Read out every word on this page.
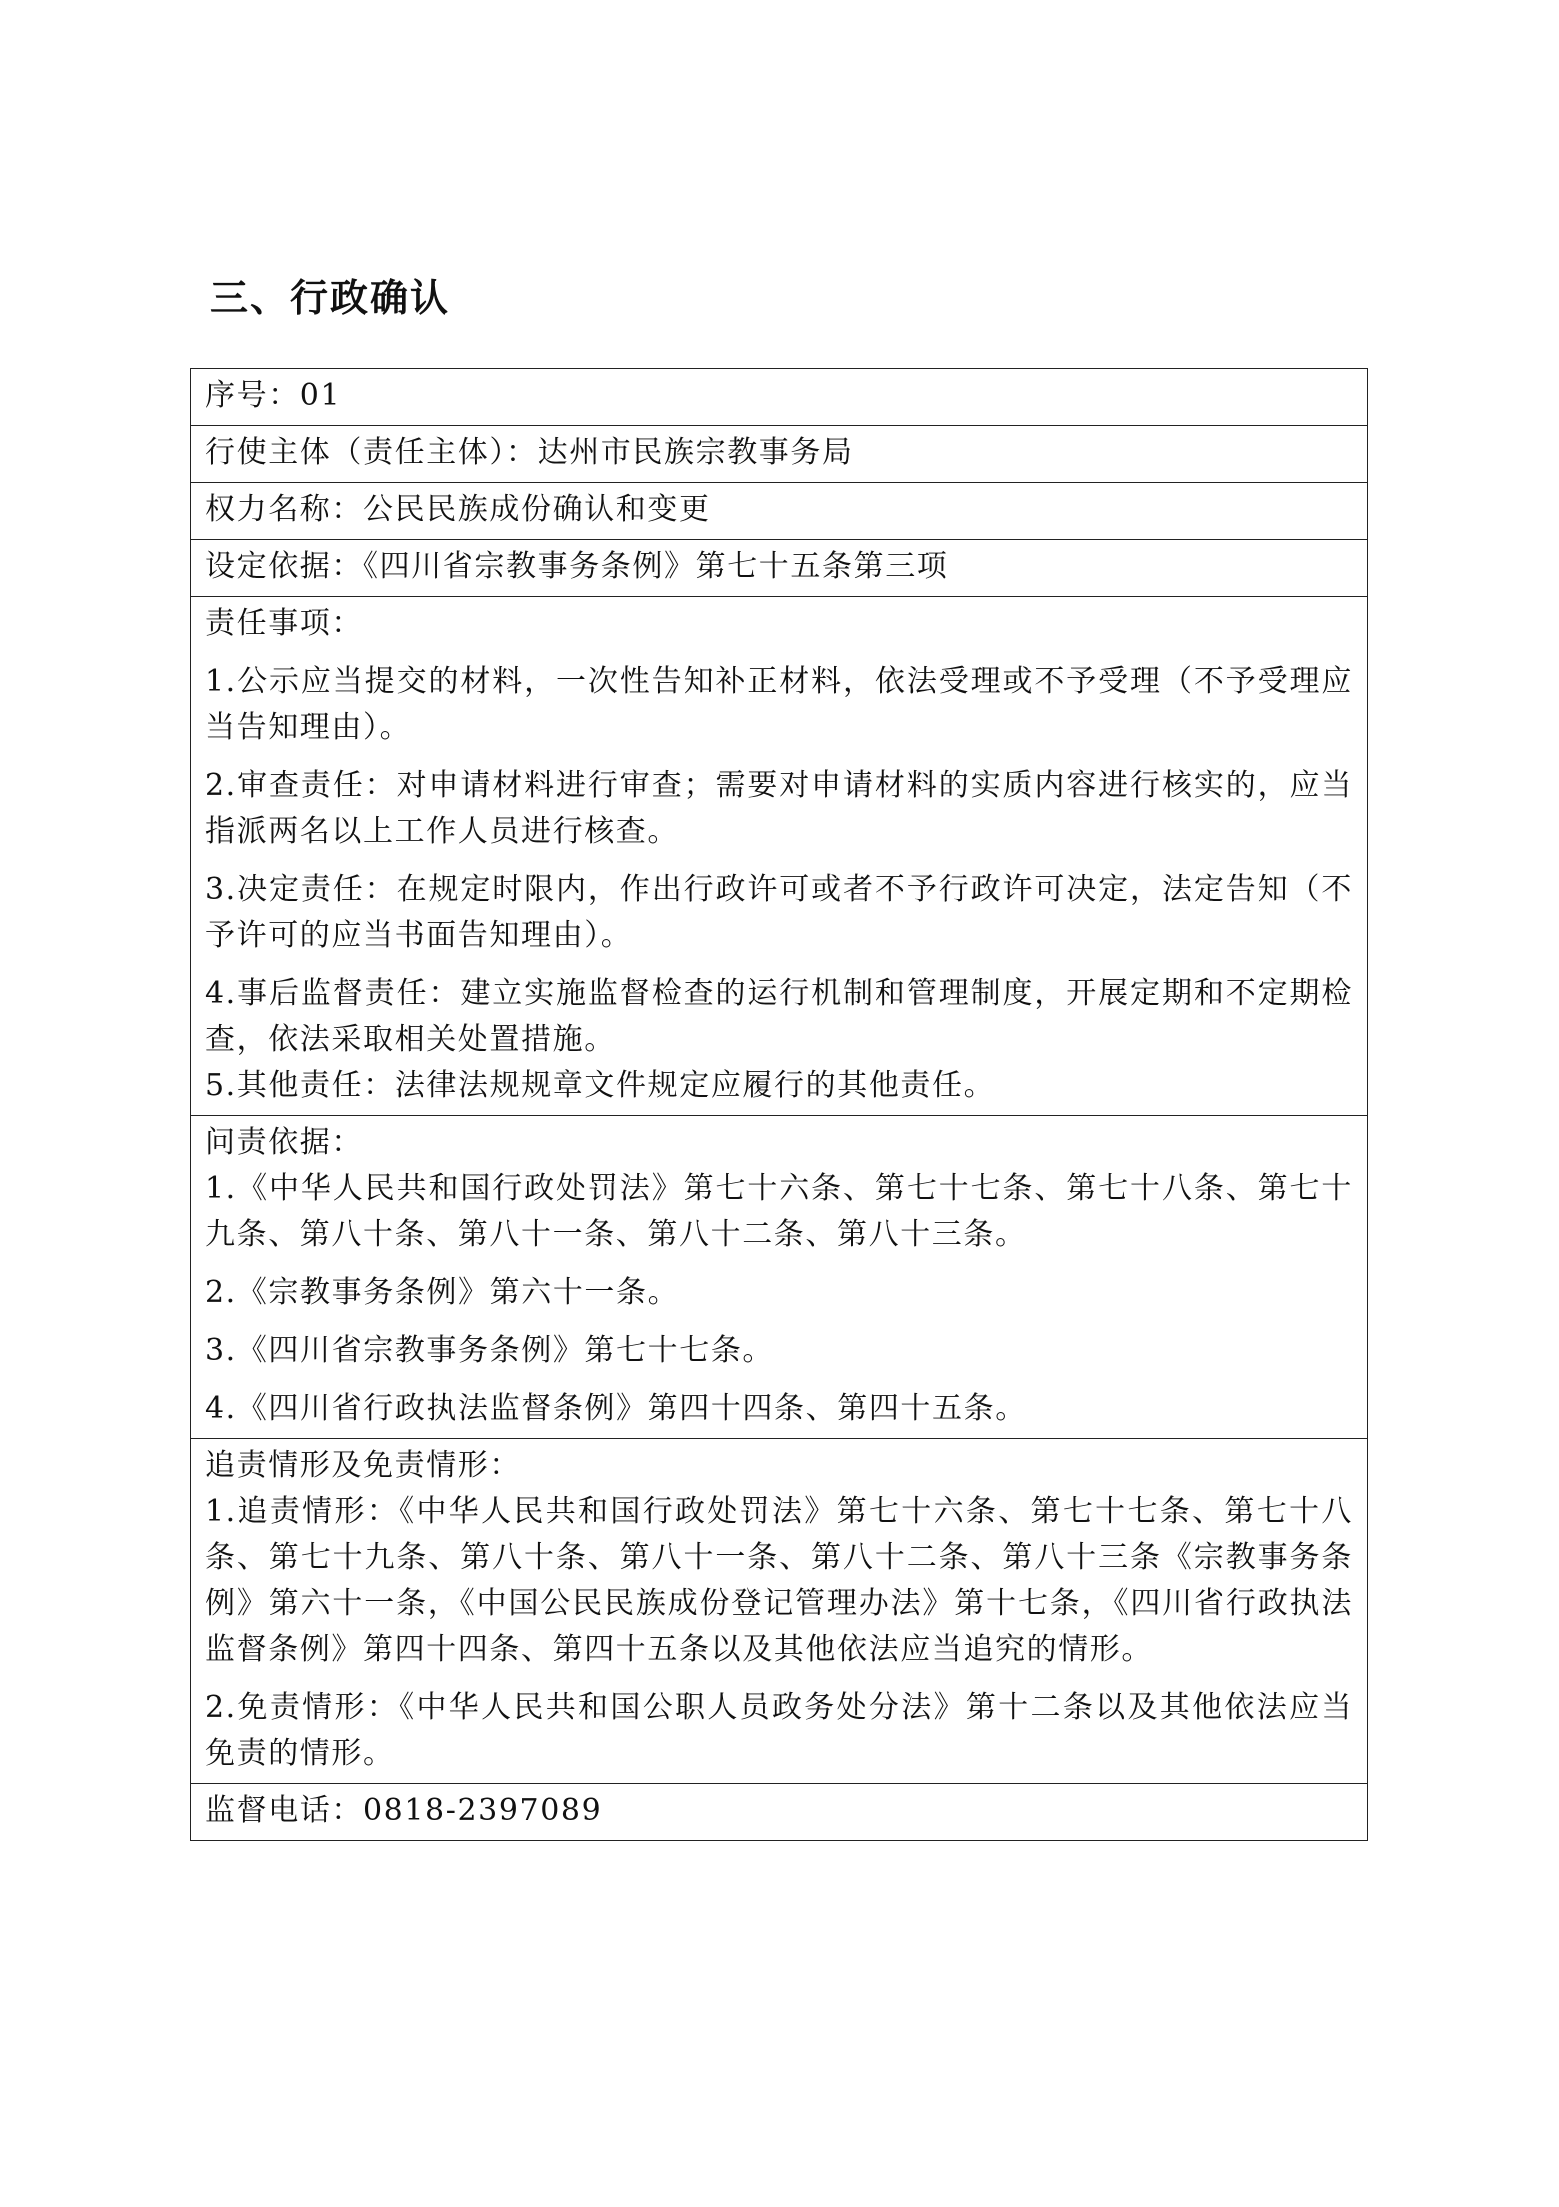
三、行政确认
序号：01
行使主体（责任主体）：达州市民族宗教事务局
权力名称：公民民族成份确认和变更
设定依据：《四川省宗教事务条例》第七十五条第三项

责任事项：
1.公示应当提交的材料，一次性告知补正材料，依法受理或不予受理（不予受理应当告知理由）。
2.审查责任：对申请材料进行审查；需要对申请材料的实质内容进行核实的，应当指派两名以上工作人员进行核查。
3.决定责任：在规定时限内，作出行政许可或者不予行政许可决定，法定告知（不予许可的应当书面告知理由）。
4.事后监督责任：建立实施监督检查的运行机制和管理制度，开展定期和不定期检查，依法采取相关处置措施。
5.其他责任：法律法规规章文件规定应履行的其他责任。

问责依据：
1.《中华人民共和国行政处罚法》第七十六条、第七十七条、第七十八条、第七十九条、第八十条、第八十一条、第八十二条、第八十三条。
2.《宗教事务条例》第六十一条。
3.《四川省宗教事务条例》第七十七条。
4.《四川省行政执法监督条例》第四十四条、第四十五条。

追责情形及免责情形：
1.追责情形：《中华人民共和国行政处罚法》第七十六条、第七十七条、第七十八条、第七十九条、第八十条、第八十一条、第八十二条、第八十三条《宗教事务条例》第六十一条，《中国公民民族成份登记管理办法》第十七条，《四川省行政执法监督条例》第四十四条、第四十五条以及其他依法应当追究的情形。
2.免责情形：《中华人民共和国公职人员政务处分法》第十二条以及其他依法应当免责的情形。

监督电话：0818-2397089
